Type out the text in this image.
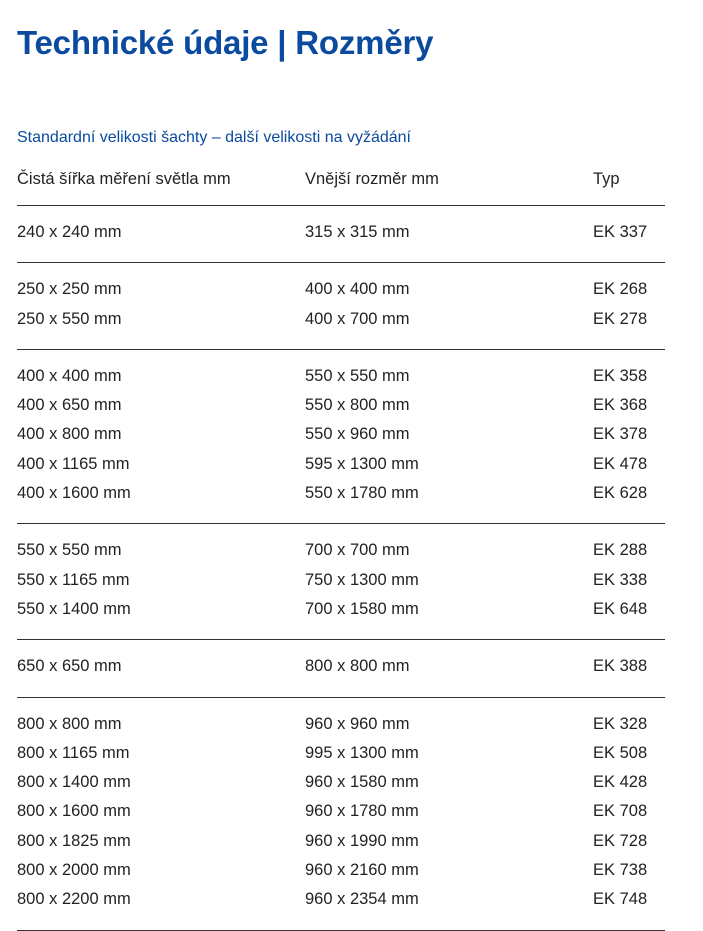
Technické údaje | Rozměry
Standardní velikosti šachty – další velikosti na vyžádání
Čistá šířka měření světla mm	Vnější rozměr mm	Typ
240 x 240 mm	315 x 315 mm	EK 337
250 x 250 mm	400 x 400 mm	EK 268
250 x 550 mm	400 x 700 mm	EK 278
400 x 400 mm	550 x 550 mm	EK 358
400 x 650 mm	550 x 800 mm	EK 368
400 x 800 mm	550 x 960 mm	EK 378
400 x 1165 mm	595 x 1300 mm	EK 478
400 x 1600 mm	550 x 1780 mm	EK 628
550 x 550 mm	700 x 700 mm	EK 288
550 x 1165 mm	750 x 1300 mm	EK 338
550 x 1400 mm	700 x 1580 mm	EK 648
650 x 650 mm	800 x 800 mm	EK 388
800 x 800 mm	960 x 960 mm	EK 328
800 x 1165 mm	995 x 1300 mm	EK 508
800 x 1400 mm	960 x 1580 mm	EK 428
800 x 1600 mm	960 x 1780 mm	EK 708
800 x 1825 mm	960 x 1990 mm	EK 728
800 x 2000 mm	960 x 2160 mm	EK 738
800 x 2200 mm	960 x 2354 mm	EK 748
